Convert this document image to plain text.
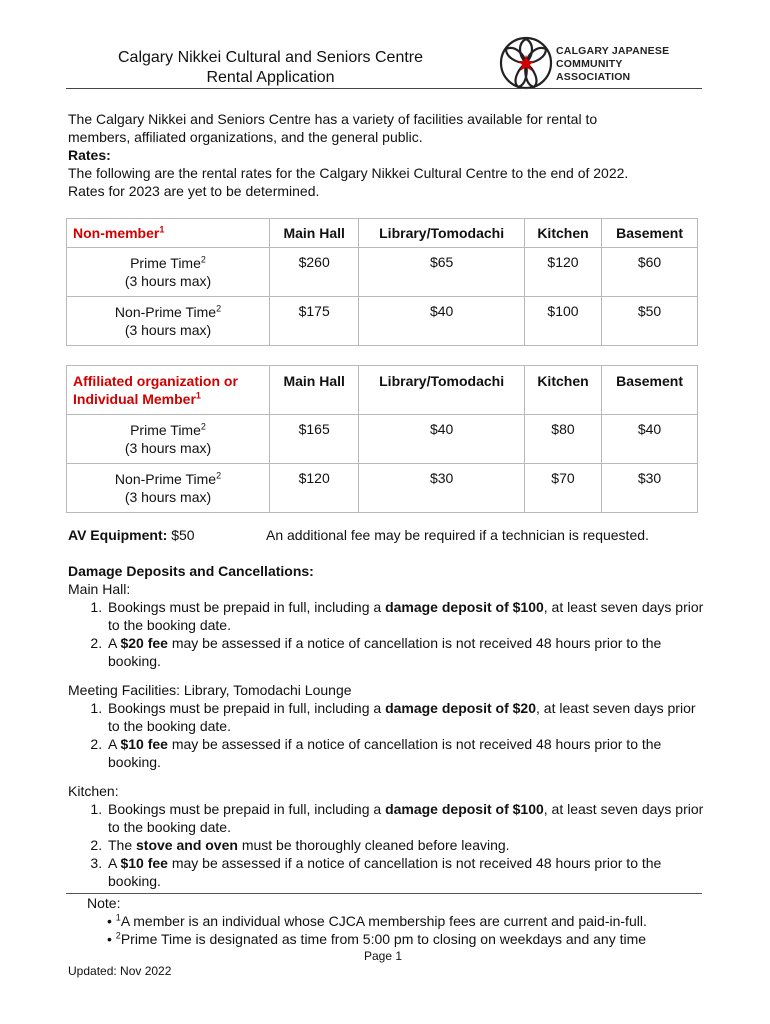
Calgary Nikkei Cultural and Seniors Centre
Rental Application
CALGARY JAPANESE
COMMUNITY ASSOCIATION

The Calgary Nikkei and Seniors Centre has a variety of facilities available for rental to

members, affiliated organizations, and the general public.

Rates:

The following are the rental rates for the Calgary Nikkei Cultural Centre to the end of 2022.

Rates for 2023 are yet to be determined.

Non-member$^1$	Main Hall	Library/Tomodachi	Kitchen	Basement
Prime Time$^2$
(3 hours max)	$260	$65	$120	$60
Non-Prime Time$^2$
(3 hours max)	$175	$40	$100	$50
Affiliated organization or
Individual Member$^1$	Main Hall	Library/Tomodachi	Kitchen	Basement
Prime Time$^2$
(3 hours max)	$165	$40	$80	$40
Non-Prime Time$^2$
(3 hours max)	$120	$30	$70	$30
AV Equipment: $50	An additional fee may be required if a technician is requested.
Damage Deposits and Cancellations:

Main Hall:

1. Bookings must be prepaid in full, including a damage deposit of $100, at least seven days prior to the booking date.
2. A $20 fee may be assessed if a notice of cancellation is not received 48 hours prior to the booking.

Meeting Facilities: Library, Tomodachi Lounge

1. Bookings must be prepaid in full, including a damage deposit of $20, at least seven days prior to the booking date.
2. A $10 fee may be assessed if a notice of cancellation is not received 48 hours prior to the booking.

Kitchen:

1. Bookings must be prepaid in full, including a damage deposit of $100, at least seven days prior to the booking date.
2. The stove and oven must be thoroughly cleaned before leaving.
3. A $10 fee may be assessed if a notice of cancellation is not received 48 hours prior to the booking.

Note:

• $^1$A member is an individual whose CJCA membership fees are current and paid-in-full.

• $^2$Prime Time is designated as time from 5:00 pm to closing on weekdays and any time

Page 1
Updated: Nov 2022
